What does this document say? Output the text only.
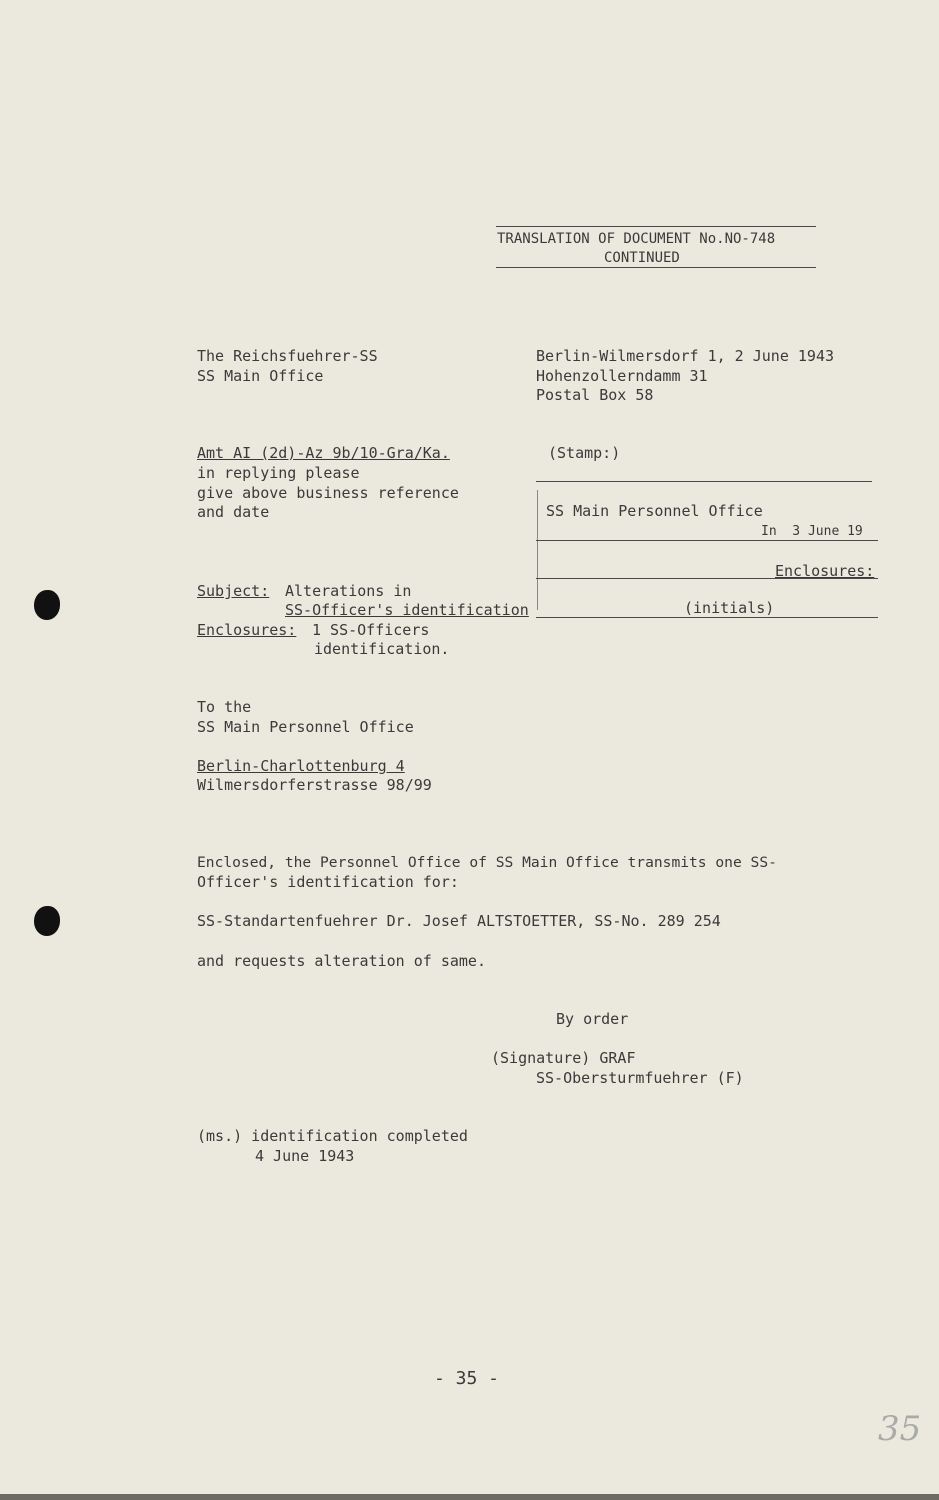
TRANSLATION OF DOCUMENT No.NO-748
CONTINUED
The Reichsfuehrer-SS
SS Main Office
Berlin-Wilmersdorf 1, 2 June 1943
Hohenzollerndamm 31
Postal Box 58
Amt AI (2d)-Az 9b/10-Gra/Ka.
in replying please
give above business reference
and date
(Stamp:)
SS Main Personnel Office
In  3 June 19
Enclosures:
(initials)
Subject: Alterations in
SS-Officer's identification
Enclosures: 1 SS-Officers
identification.
To the
SS Main Personnel Office
Berlin-Charlottenburg 4
Wilmersdorferstrasse 98/99
Enclosed, the Personnel Office of SS Main Office transmits one SS-
Officer's identification for:
SS-Standartenfuehrer Dr. Josef ALTSTOETTER, SS-No. 289 254
and requests alteration of same.
By order
(Signature) GRAF
SS-Obersturmfuehrer (F)
(ms.) identification completed
4 June 1943
- 35 -
35
